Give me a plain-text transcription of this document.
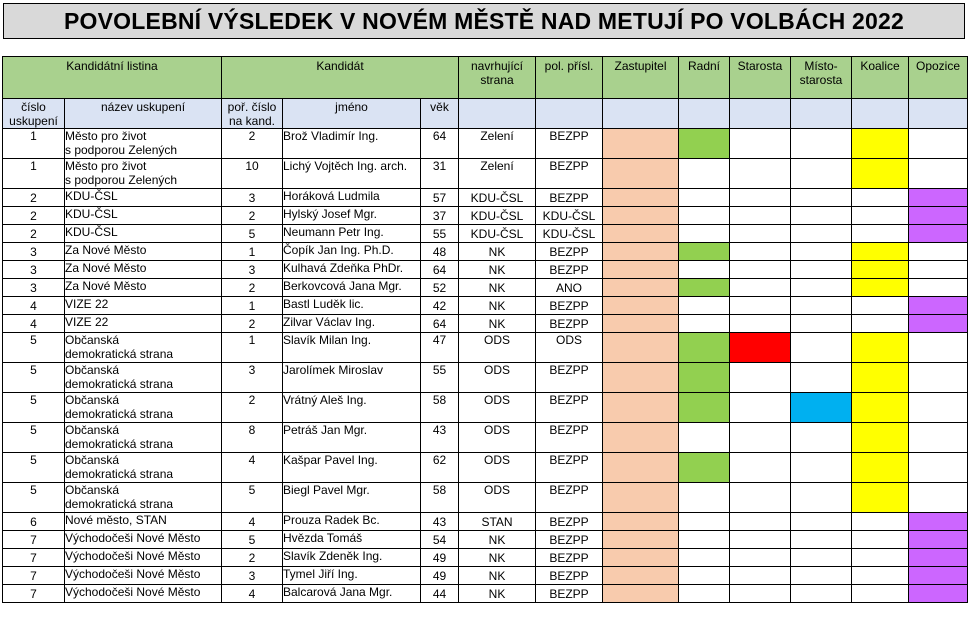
POVOLEBNÍ VÝSLEDEK V NOVÉM MĚSTĚ NAD METUJÍ PO VOLBÁCH 2022
Kandidátní listina		Kandidát			navrhující strana	pol. přísl.	Zastupitel	Radní	Starosta	Místo-starosta	Koalice	Opozice
číslo uskupení	název uskupení	poř. číslo na kand.	jméno	věk								
1	Město pro život
s podporou Zelených	2	Brož Vladimír Ing.	64	Zelení	BEZPP						
1	Město pro život
s podporou Zelených	10	Lichý Vojtěch Ing. arch.	31	Zelení	BEZPP						
2	KDU-ČSL	3	Horáková Ludmila	57	KDU-ČSL	BEZPP						
2	KDU-ČSL	2	Hylský Josef Mgr.	37	KDU-ČSL	KDU-ČSL						
2	KDU-ČSL	5	Neumann Petr Ing.	55	KDU-ČSL	KDU-ČSL						
3	Za Nové Město	1	Čopík Jan Ing. Ph.D.	48	NK	BEZPP						
3	Za Nové Město	3	Kulhavá Zdeňka PhDr.	64	NK	BEZPP						
3	Za Nové Město	2	Berkovcová Jana Mgr.	52	NK	ANO						
4	VIZE 22	1	Bastl Luděk lic.	42	NK	BEZPP						
4	VIZE 22	2	Zilvar Václav Ing.	64	NK	BEZPP						
5	Občanská
demokratická strana	1	Slavík Milan Ing.	47	ODS	ODS						
5	Občanská
demokratická strana	3	Jarolímek Miroslav	55	ODS	BEZPP						
5	Občanská
demokratická strana	2	Vrátný Aleš Ing.	58	ODS	BEZPP						
5	Občanská
demokratická strana	8	Petráš Jan Mgr.	43	ODS	BEZPP						
5	Občanská
demokratická strana	4	Kašpar Pavel Ing.	62	ODS	BEZPP						
5	Občanská
demokratická strana	5	Biegl Pavel Mgr.	58	ODS	BEZPP						
6	Nové město, STAN	4	Prouza Radek Bc.	43	STAN	BEZPP						
7	Východočeši Nové Město	5	Hvězda Tomáš	54	NK	BEZPP						
7	Východočeši Nové Město	2	Slavík Zdeněk Ing.	49	NK	BEZPP						
7	Východočeši Nové Město	3	Tymel Jiří Ing.	49	NK	BEZPP						
7	Východočeši Nové Město	4	Balcarová Jana Mgr.	44	NK	BEZPP						
